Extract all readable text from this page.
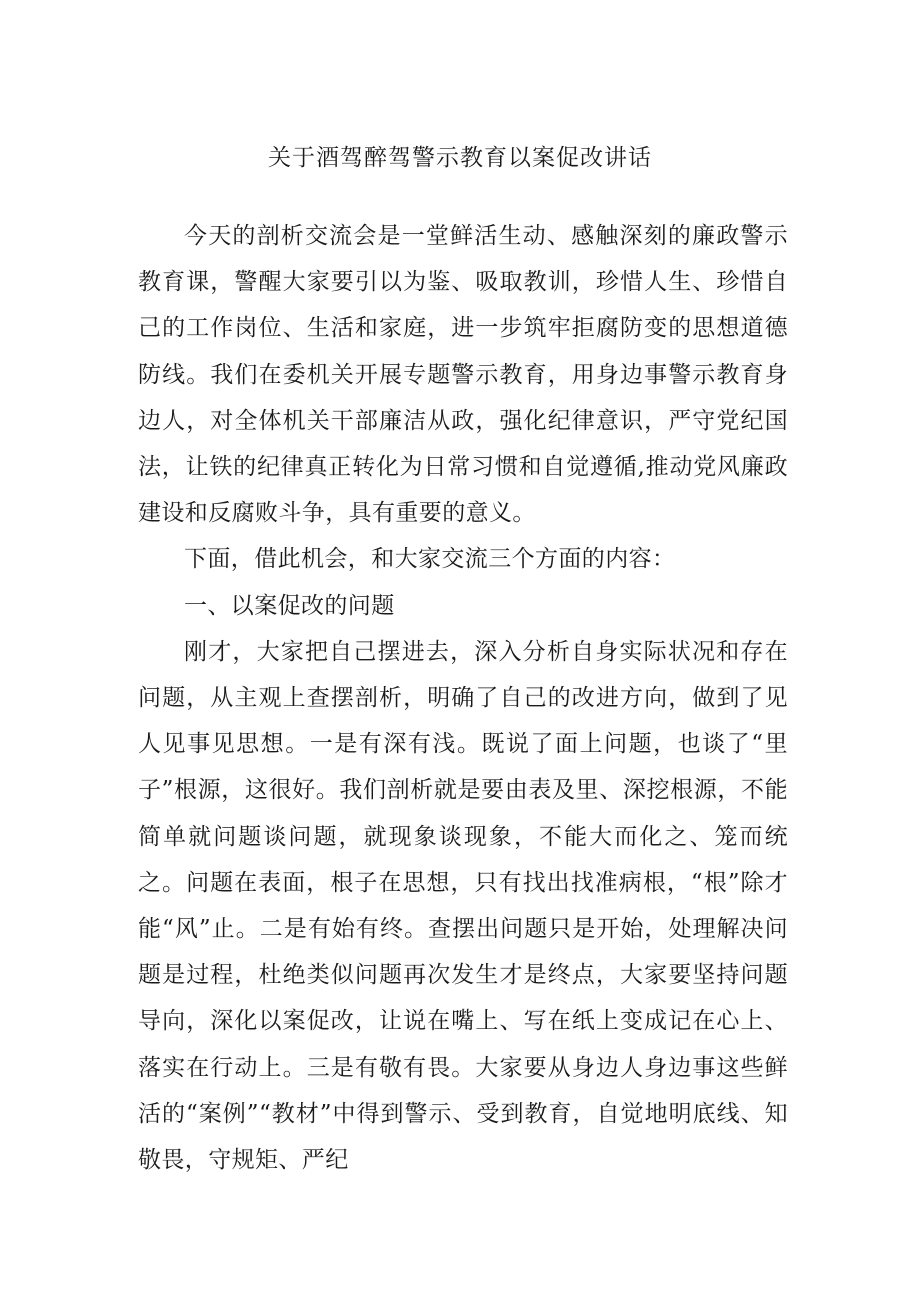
关于酒驾醉驾警示教育以案促改讲话

今天的剖析交流会是一堂鲜活生动、感触深刻的廉政警示教育课，警醒大家要引以为鉴、吸取教训，珍惜人生、珍惜自己的工作岗位、生活和家庭，进一步筑牢拒腐防变的思想道德防线。我们在委机关开展专题警示教育，用身边事警示教育身边人，对全体机关干部廉洁从政，强化纪律意识，严守党纪国法，让铁的纪律真正转化为日常习惯和自觉遵循,推动党风廉政建设和反腐败斗争，具有重要的意义。

下面，借此机会，和大家交流三个方面的内容：

一、以案促改的问题

刚才，大家把自己摆进去，深入分析自身实际状况和存在问题，从主观上查摆剖析，明确了自己的改进方向，做到了见人见事见思想。一是有深有浅。既说了面上问题，也谈了“里子”根源，这很好。我们剖析就是要由表及里、深挖根源，不能简单就问题谈问题，就现象谈现象，不能大而化之、笼而统之。问题在表面，根子在思想，只有找出找准病根，“根”除才能“风”止。二是有始有终。查摆出问题只是开始，处理解决问题是过程，杜绝类似问题再次发生才是终点，大家要坚持问题导向，深化以案促改，让说在嘴上、写在纸上变成记在心上、落实在行动上。三是有敬有畏。大家要从身边人身边事这些鲜活的“案例”“教材”中得到警示、受到教育，自觉地明底线、知敬畏，守规矩、严纪
